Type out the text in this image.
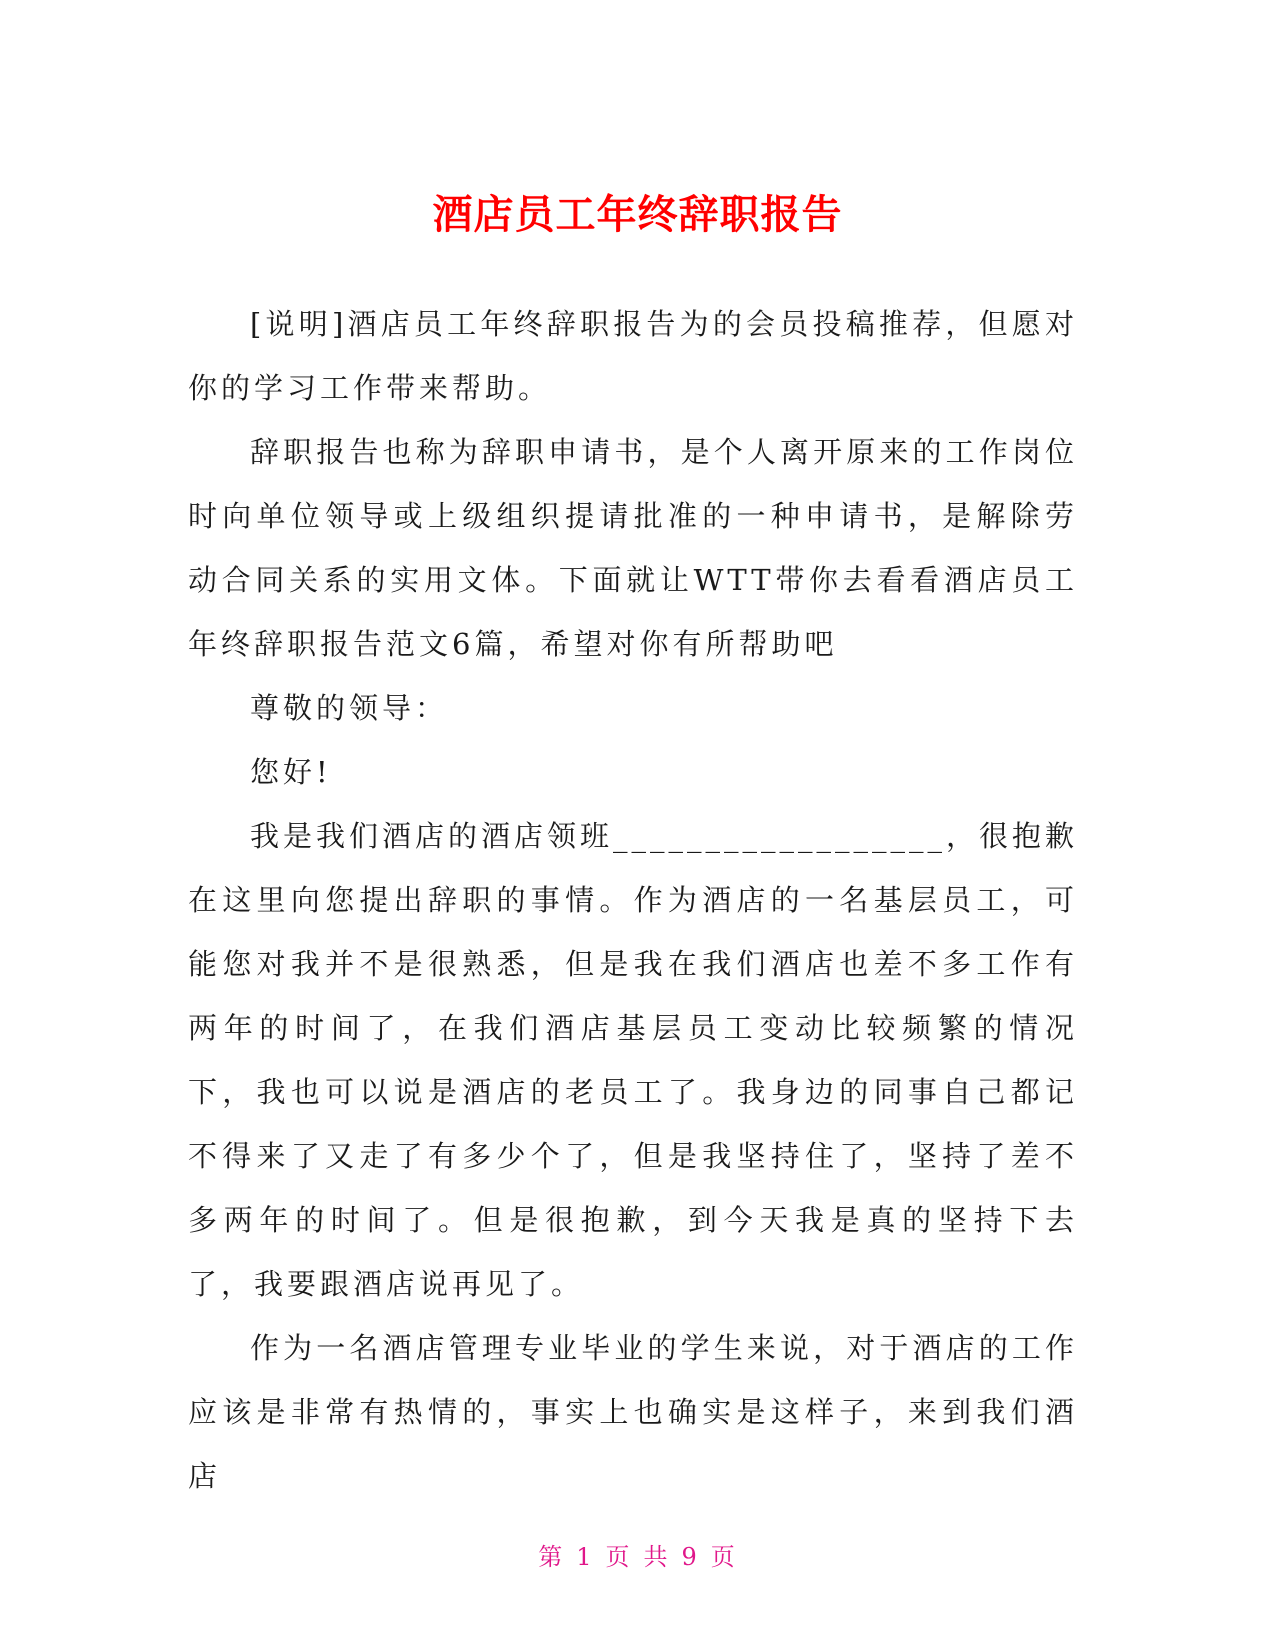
酒店员工年终辞职报告

[说明]酒店员工年终辞职报告为的会员投稿推荐，但愿对你的学习工作带来帮助。

辞职报告也称为辞职申请书，是个人离开原来的工作岗位时向单位领导或上级组织提请批准的一种申请书，是解除劳动合同关系的实用文体。下面就让WTT带你去看看酒店员工年终辞职报告范文6篇，希望对你有所帮助吧

尊敬的领导：

您好!

我是我们酒店的酒店领班__________________，很抱歉在这里向您提出辞职的事情。作为酒店的一名基层员工，可能您对我并不是很熟悉，但是我在我们酒店也差不多工作有两年的时间了，在我们酒店基层员工变动比较频繁的情况下，我也可以说是酒店的老员工了。我身边的同事自己都记不得来了又走了有多少个了，但是我坚持住了，坚持了差不多两年的时间了。但是很抱歉，到今天我是真的坚持下去了，我要跟酒店说再见了。

作为一名酒店管理专业毕业的学生来说，对于酒店的工作应该是非常有热情的，事实上也确实是这样子，来到我们酒店

第 1 页 共 9 页
